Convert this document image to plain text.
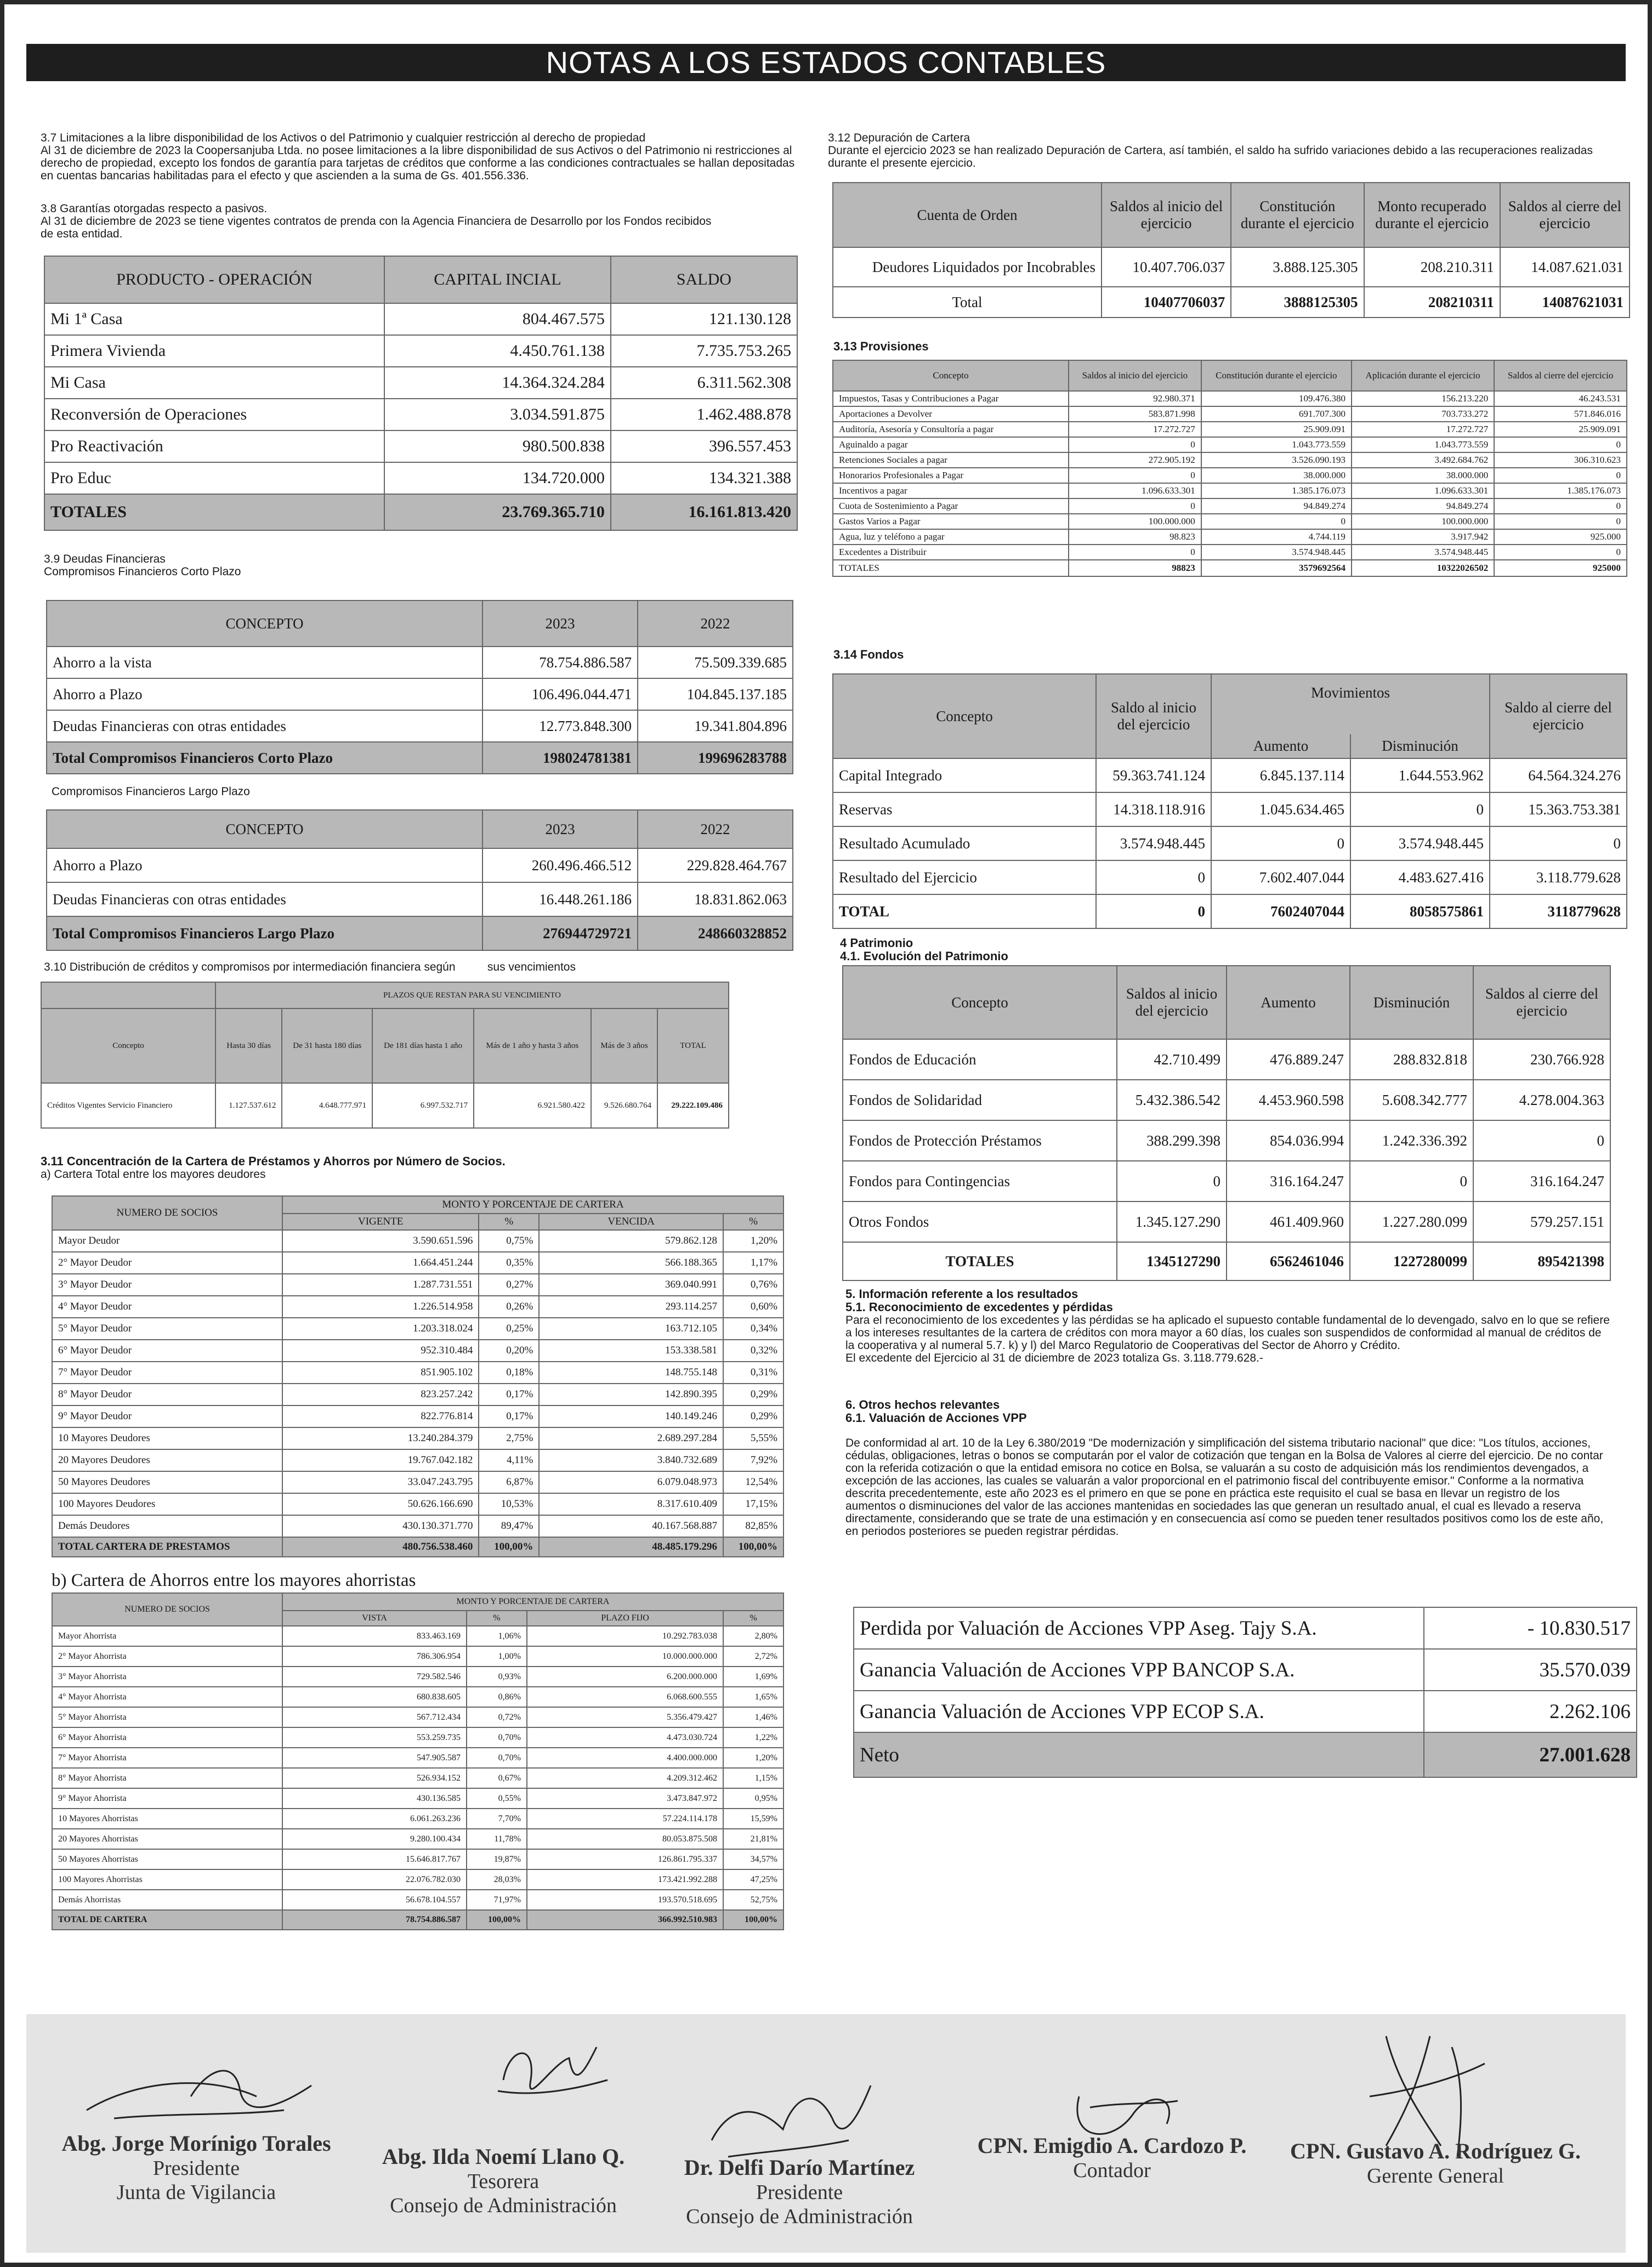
NOTAS A LOS ESTADOS CONTABLES
3.7 Limitaciones a la libre disponibilidad de los Activos o del Patrimonio y cualquier restricción al derecho de propiedad
Al 31 de diciembre de 2023 la Coopersanjuba Ltda. no posee limitaciones a la libre disponibilidad de sus Activos o del Patrimonio ni restricciones al derecho de propiedad, excepto los fondos de garantía para tarjetas de créditos que conforme a las condiciones contractuales se hallan depositadas en cuentas bancarias habilitadas para el efecto y que ascienden a la suma de Gs. 401.556.336.
3.8 Garantías otorgadas respecto a pasivos.
Al 31 de diciembre de 2023 se tiene vigentes contratos de prenda con la Agencia Financiera de Desarrollo por los Fondos recibidos de esta entidad.
PRODUCTO - OPERACIÓN	CAPITAL INCIAL	SALDO
Mi 1ª Casa	804.467.575	121.130.128
Primera Vivienda	4.450.761.138	7.735.753.265
Mi Casa	14.364.324.284	6.311.562.308
Reconversión de Operaciones	3.034.591.875	1.462.488.878
Pro Reactivación	980.500.838	396.557.453
Pro Educ	134.720.000	134.321.388
TOTALES	23.769.365.710	16.161.813.420
3.9 Deudas Financieras
Compromisos Financieros Corto Plazo
CONCEPTO	2023	2022
Ahorro a la vista	78.754.886.587	75.509.339.685
Ahorro a Plazo	106.496.044.471	104.845.137.185
Deudas Financieras con otras entidades	12.773.848.300	19.341.804.896
Total Compromisos Financieros Corto Plazo	198024781381	199696283788
Compromisos Financieros Largo Plazo
CONCEPTO	2023	2022
Ahorro a Plazo	260.496.466.512	229.828.464.767
Deudas Financieras con otras entidades	16.448.261.186	18.831.862.063
Total Compromisos Financieros Largo Plazo	276944729721	248660328852
3.10 Distribución de créditos y compromisos por intermediación financiera según	sus vencimientos
	PLAZOS QUE RESTAN PARA SU VENCIMIENTO					

Concepto	Hasta 30 días	De 31 hasta 180 días	De 181 días hasta 1 año	Más de 1 año y hasta 3 años	Más de 3 años	TOTAL
Créditos Vigentes Servicio Financiero	1.127.537.612	4.648.777.971	6.997.532.717	6.921.580.422	9.526.680.764	29.222.109.486
3.11 Concentración de la Cartera de Préstamos y Ahorros por Número de Socios.
a) Cartera Total entre los mayores deudores
NUMERO DE SOCIOS	MONTO Y PORCENTAJE DE CARTERA			
	VIGENTE	%	VENCIDA	%
Mayor Deudor	3.590.651.596	0,75%	579.862.128	1,20%
2° Mayor Deudor	1.664.451.244	0,35%	566.188.365	1,17%
3° Mayor Deudor	1.287.731.551	0,27%	369.040.991	0,76%
4° Mayor Deudor	1.226.514.958	0,26%	293.114.257	0,60%
5° Mayor Deudor	1.203.318.024	0,25%	163.712.105	0,34%
6° Mayor Deudor	952.310.484	0,20%	153.338.581	0,32%
7° Mayor Deudor	851.905.102	0,18%	148.755.148	0,31%
8° Mayor Deudor	823.257.242	0,17%	142.890.395	0,29%
9° Mayor Deudor	822.776.814	0,17%	140.149.246	0,29%
10 Mayores Deudores	13.240.284.379	2,75%	2.689.297.284	5,55%
20 Mayores Deudores	19.767.042.182	4,11%	3.840.732.689	7,92%
50 Mayores Deudores	33.047.243.795	6,87%	6.079.048.973	12,54%
100 Mayores Deudores	50.626.166.690	10,53%	8.317.610.409	17,15%
Demás Deudores	430.130.371.770	89,47%	40.167.568.887	82,85%
TOTAL CARTERA DE PRESTAMOS	480.756.538.460	100,00%	48.485.179.296	100,00%
b) Cartera de Ahorros entre los mayores ahorristas
NUMERO DE SOCIOS	MONTO Y PORCENTAJE DE CARTERA			
	VISTA	%	PLAZO FIJO	%
Mayor Ahorrista	833.463.169	1,06%	10.292.783.038	2,80%
2° Mayor Ahorrista	786.306.954	1,00%	10.000.000.000	2,72%
3° Mayor Ahorrista	729.582.546	0,93%	6.200.000.000	1,69%
4° Mayor Ahorrista	680.838.605	0,86%	6.068.600.555	1,65%
5° Mayor Ahorrista	567.712.434	0,72%	5.356.479.427	1,46%
6° Mayor Ahorrista	553.259.735	0,70%	4.473.030.724	1,22%
7° Mayor Ahorrista	547.905.587	0,70%	4.400.000.000	1,20%
8° Mayor Ahorrista	526.934.152	0,67%	4.209.312.462	1,15%
9° Mayor Ahorrista	430.136.585	0,55%	3.473.847.972	0,95%
10 Mayores Ahorristas	6.061.263.236	7,70%	57.224.114.178	15,59%
20 Mayores Ahorristas	9.280.100.434	11,78%	80.053.875.508	21,81%
50 Mayores Ahorristas	15.646.817.767	19,87%	126.861.795.337	34,57%
100 Mayores Ahorristas	22.076.782.030	28,03%	173.421.992.288	47,25%
Demás Ahorristas	56.678.104.557	71,97%	193.570.518.695	52,75%
TOTAL DE CARTERA	78.754.886.587	100,00%	366.992.510.983	100,00%
3.12 Depuración de Cartera
Durante el ejercicio 2023 se han realizado Depuración de Cartera, así también, el saldo ha sufrido variaciones debido a las recuperaciones realizadas durante el presente ejercicio.
Cuenta de Orden	Saldos al inicio del ejercicio	Constitución durante el ejercicio	Monto recuperado durante el ejercicio	Saldos al cierre del ejercicio
Deudores Liquidados por Incobrables	10.407.706.037	3.888.125.305	208.210.311	14.087.621.031
Total	10407706037	3888125305	208210311	14087621031
3.13 Provisiones
Concepto	Saldos al inicio del ejercicio	Constitución durante el ejercicio	Aplicación durante el ejercicio	Saldos al cierre del ejercicio
Impuestos, Tasas y Contribuciones a Pagar	92.980.371	109.476.380	156.213.220	46.243.531
Aportaciones a Devolver	583.871.998	691.707.300	703.733.272	571.846.016
Auditoría, Asesoría y Consultoría a pagar	17.272.727	25.909.091	17.272.727	25.909.091
Aguinaldo a pagar	0	1.043.773.559	1.043.773.559	0
Retenciones Sociales a pagar	272.905.192	3.526.090.193	3.492.684.762	306.310.623
Honorarios Profesionales a Pagar	0	38.000.000	38.000.000	0
Incentivos a pagar	1.096.633.301	1.385.176.073	1.096.633.301	1.385.176.073
Cuota de Sostenimiento a Pagar	0	94.849.274	94.849.274	0
Gastos Varios a Pagar	100.000.000	0	100.000.000	0
Agua, luz y teléfono a pagar	98.823	4.744.119	3.917.942	925.000
Excedentes a Distribuir	0	3.574.948.445	3.574.948.445	0
TOTALES	98823	3579692564	10322026502	925000
3.14 Fondos
Concepto	Saldo al inicio del ejercicio	Movimientos		Saldo al cierre del ejercicio
		Aumento	Disminución	
Capital Integrado	59.363.741.124	6.845.137.114	1.644.553.962	64.564.324.276
Reservas	14.318.118.916	1.045.634.465	0	15.363.753.381
Resultado Acumulado	3.574.948.445	0	3.574.948.445	0
Resultado del Ejercicio	0	7.602.407.044	4.483.627.416	3.118.779.628
TOTAL	0	7602407044	8058575861	3118779628
4 Patrimonio
4.1. Evolución del Patrimonio
Concepto	Saldos al inicio del ejercicio	Aumento	Disminución	Saldos al cierre del ejercicio
Fondos de Educación	42.710.499	476.889.247	288.832.818	230.766.928
Fondos de Solidaridad	5.432.386.542	4.453.960.598	5.608.342.777	4.278.004.363
Fondos de Protección Préstamos	388.299.398	854.036.994	1.242.336.392	0
Fondos para Contingencias	0	316.164.247	0	316.164.247
Otros Fondos	1.345.127.290	461.409.960	1.227.280.099	579.257.151
TOTALES	1345127290	6562461046	1227280099	895421398
5. Información referente a los resultados
5.1. Reconocimiento de excedentes y pérdidas
Para el reconocimiento de los excedentes y las pérdidas se ha aplicado el supuesto contable fundamental de lo devengado, salvo en lo que se refiere a los intereses resultantes de la cartera de créditos con mora mayor a 60 días, los cuales son suspendidos de conformidad al manual de créditos de la cooperativa y al numeral 5.7. k) y l) del Marco Regulatorio de Cooperativas del Sector de Ahorro y Crédito.
El excedente del Ejercicio al 31 de diciembre de 2023 totaliza Gs. 3.118.779.628.-
6. Otros hechos relevantes
6.1. Valuación de Acciones VPP
De conformidad al art. 10 de la Ley 6.380/2019 "De modernización y simplificación del sistema tributario nacional" que dice: "Los títulos, acciones, cédulas, obligaciones, letras o bonos se computarán por el valor de cotización que tengan en la Bolsa de Valores al cierre del ejercicio. De no contar con la referida cotización o que la entidad emisora no cotice en Bolsa, se valuarán a su costo de adquisición más los rendimientos devengados, a excepción de las acciones, las cuales se valuarán a valor proporcional en el patrimonio fiscal del contribuyente emisor." Conforme a la normativa descrita precedentemente, este año 2023 es el primero en que se pone en práctica este requisito el cual se basa en llevar un registro de los aumentos o disminuciones del valor de las acciones mantenidas en sociedades las que generan un resultado anual, el cual es llevado a reserva directamente, considerando que se trate de una estimación y en consecuencia así como se pueden tener resultados positivos como los de este año, en periodos posteriores se pueden registrar pérdidas.
Perdida por Valuación de Acciones VPP Aseg. Tajy S.A.	- 10.830.517
Ganancia Valuación de Acciones VPP BANCOP S.A.	35.570.039
Ganancia Valuación de Acciones VPP ECOP S.A.	2.262.106
Neto	27.001.628
Abg. Jorge Morínigo Torales
Presidente
Junta de Vigilancia
Abg. Ilda Noemí Llano Q.
Tesorera
Consejo de Administración
Dr. Delfi Darío Martínez
Presidente
Consejo de Administración
CPN. Emigdio A. Cardozo P.
Contador
CPN. Gustavo A. Rodríguez G.
Gerente General
